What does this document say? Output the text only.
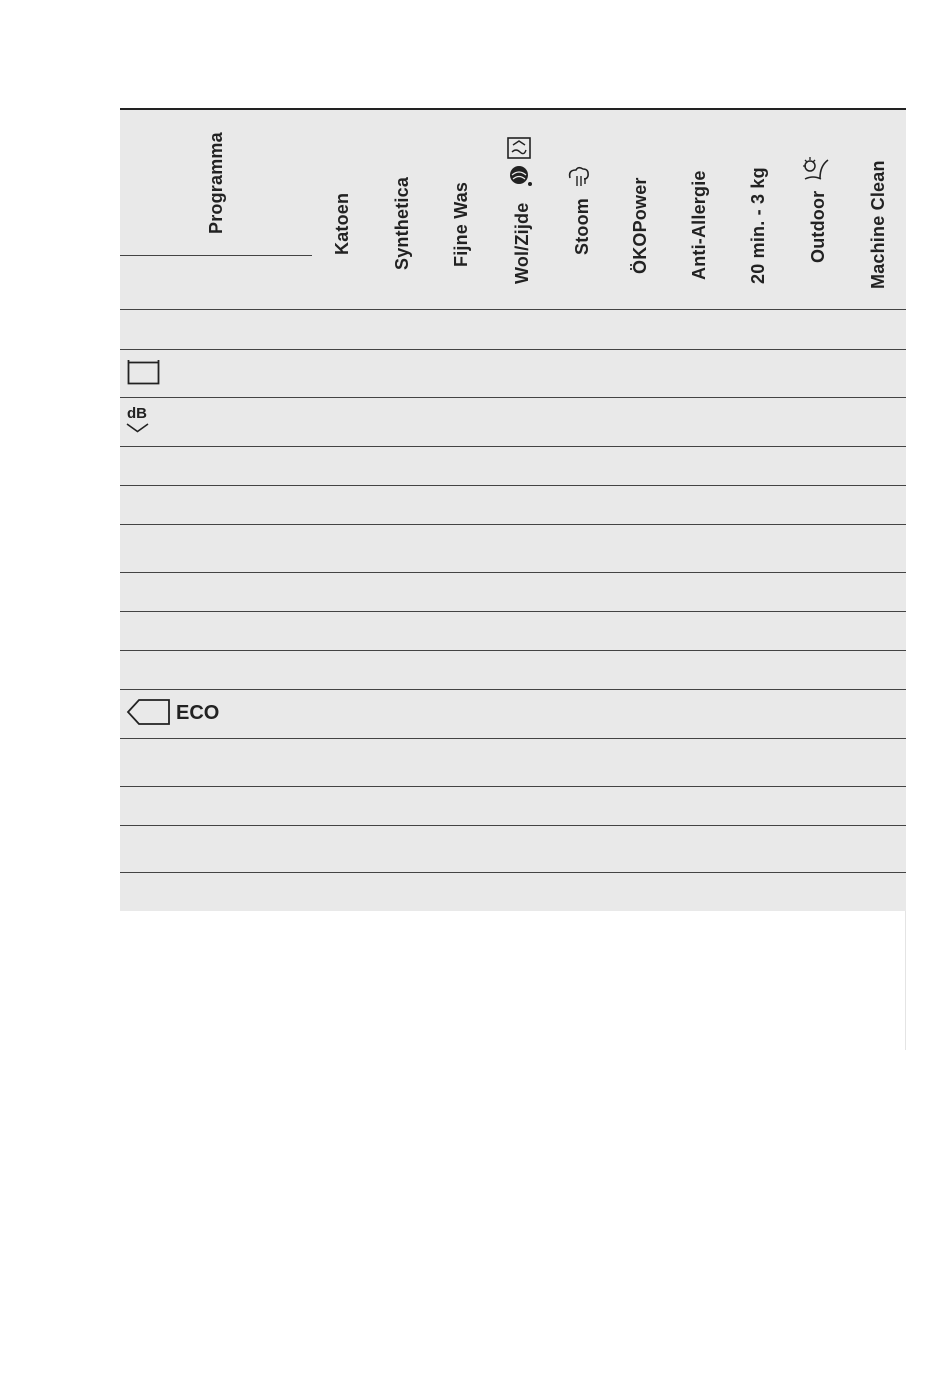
Programma	Katoen Synthetica Fijne Was Wol/Zijde Stoom ÖKOPower Anti-Allergie 20 min. - 3 kg Outdoor Machine Clean
dB
ECO
